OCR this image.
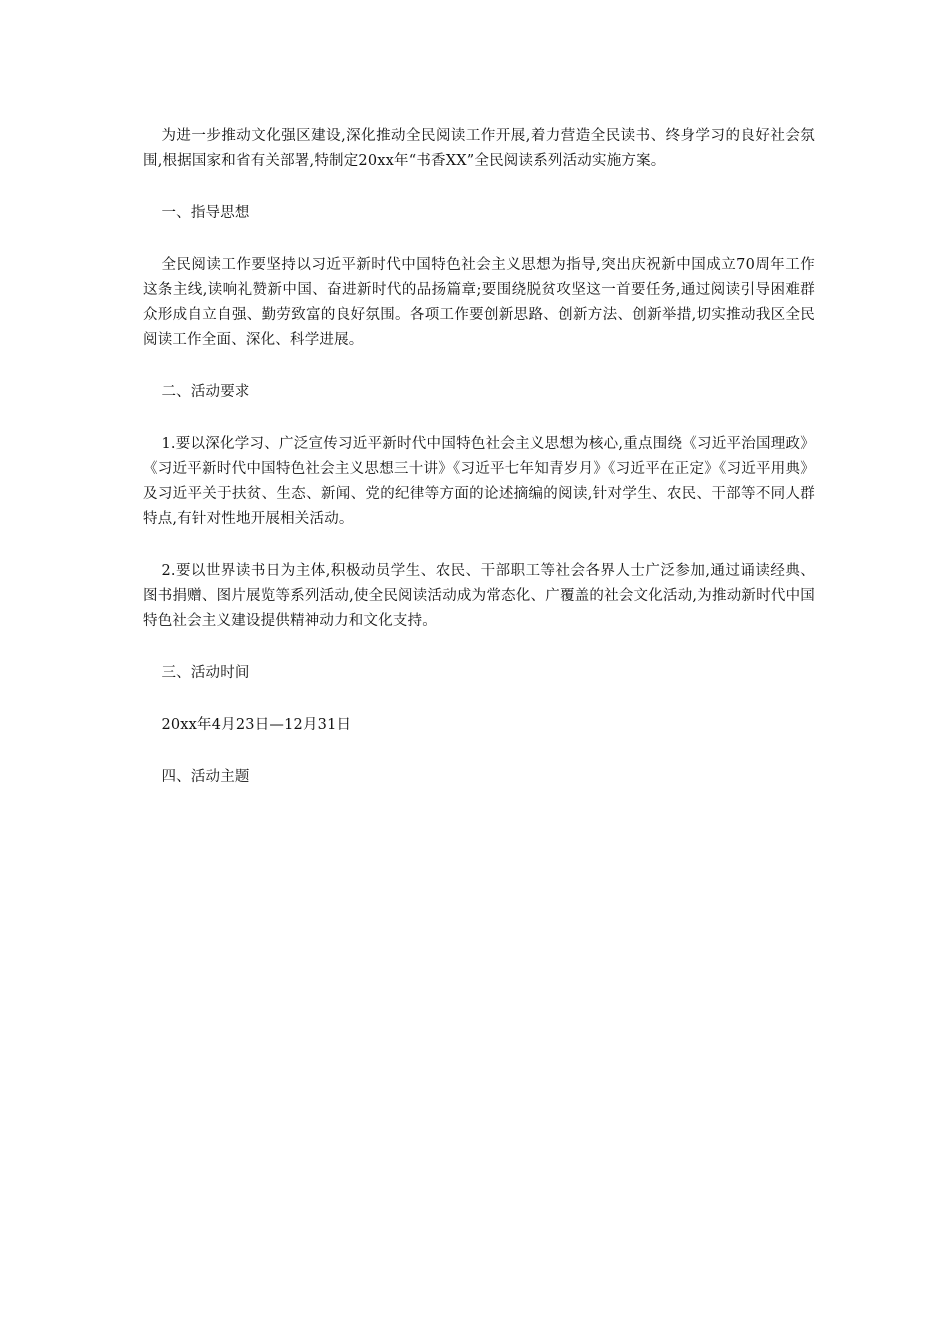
为进一步推动文化强区建设,深化推动全民阅读工作开展,着力营造全民读书、终身学习的良好社会氛围,根据国家和省有关部署,特制定20xx年“书香XX”全民阅读系列活动实施方案。

一、指导思想

全民阅读工作要坚持以习近平新时代中国特色社会主义思想为指导,突出庆祝新中国成立70周年工作这条主线,读响礼赞新中国、奋进新时代的品扬篇章;要围绕脱贫攻坚这一首要任务,通过阅读引导困难群众形成自立自强、勤劳致富的良好氛围。各项工作要创新思路、创新方法、创新举措,切实推动我区全民阅读工作全面、深化、科学进展。

二、活动要求

1.要以深化学习、广泛宣传习近平新时代中国特色社会主义思想为核心,重点围绕《习近平治国理政》《习近平新时代中国特色社会主义思想三十讲》《习近平七年知青岁月》《习近平在正定》《习近平用典》及习近平关于扶贫、生态、新闻、党的纪律等方面的论述摘编的阅读,针对学生、农民、干部等不同人群特点,有针对性地开展相关活动。

2.要以世界读书日为主体,积极动员学生、农民、干部职工等社会各界人士广泛参加,通过诵读经典、图书捐赠、图片展览等系列活动,使全民阅读活动成为常态化、广覆盖的社会文化活动,为推动新时代中国特色社会主义建设提供精神动力和文化支持。

三、活动时间

20xx年4月23日—12月31日

四、活动主题
